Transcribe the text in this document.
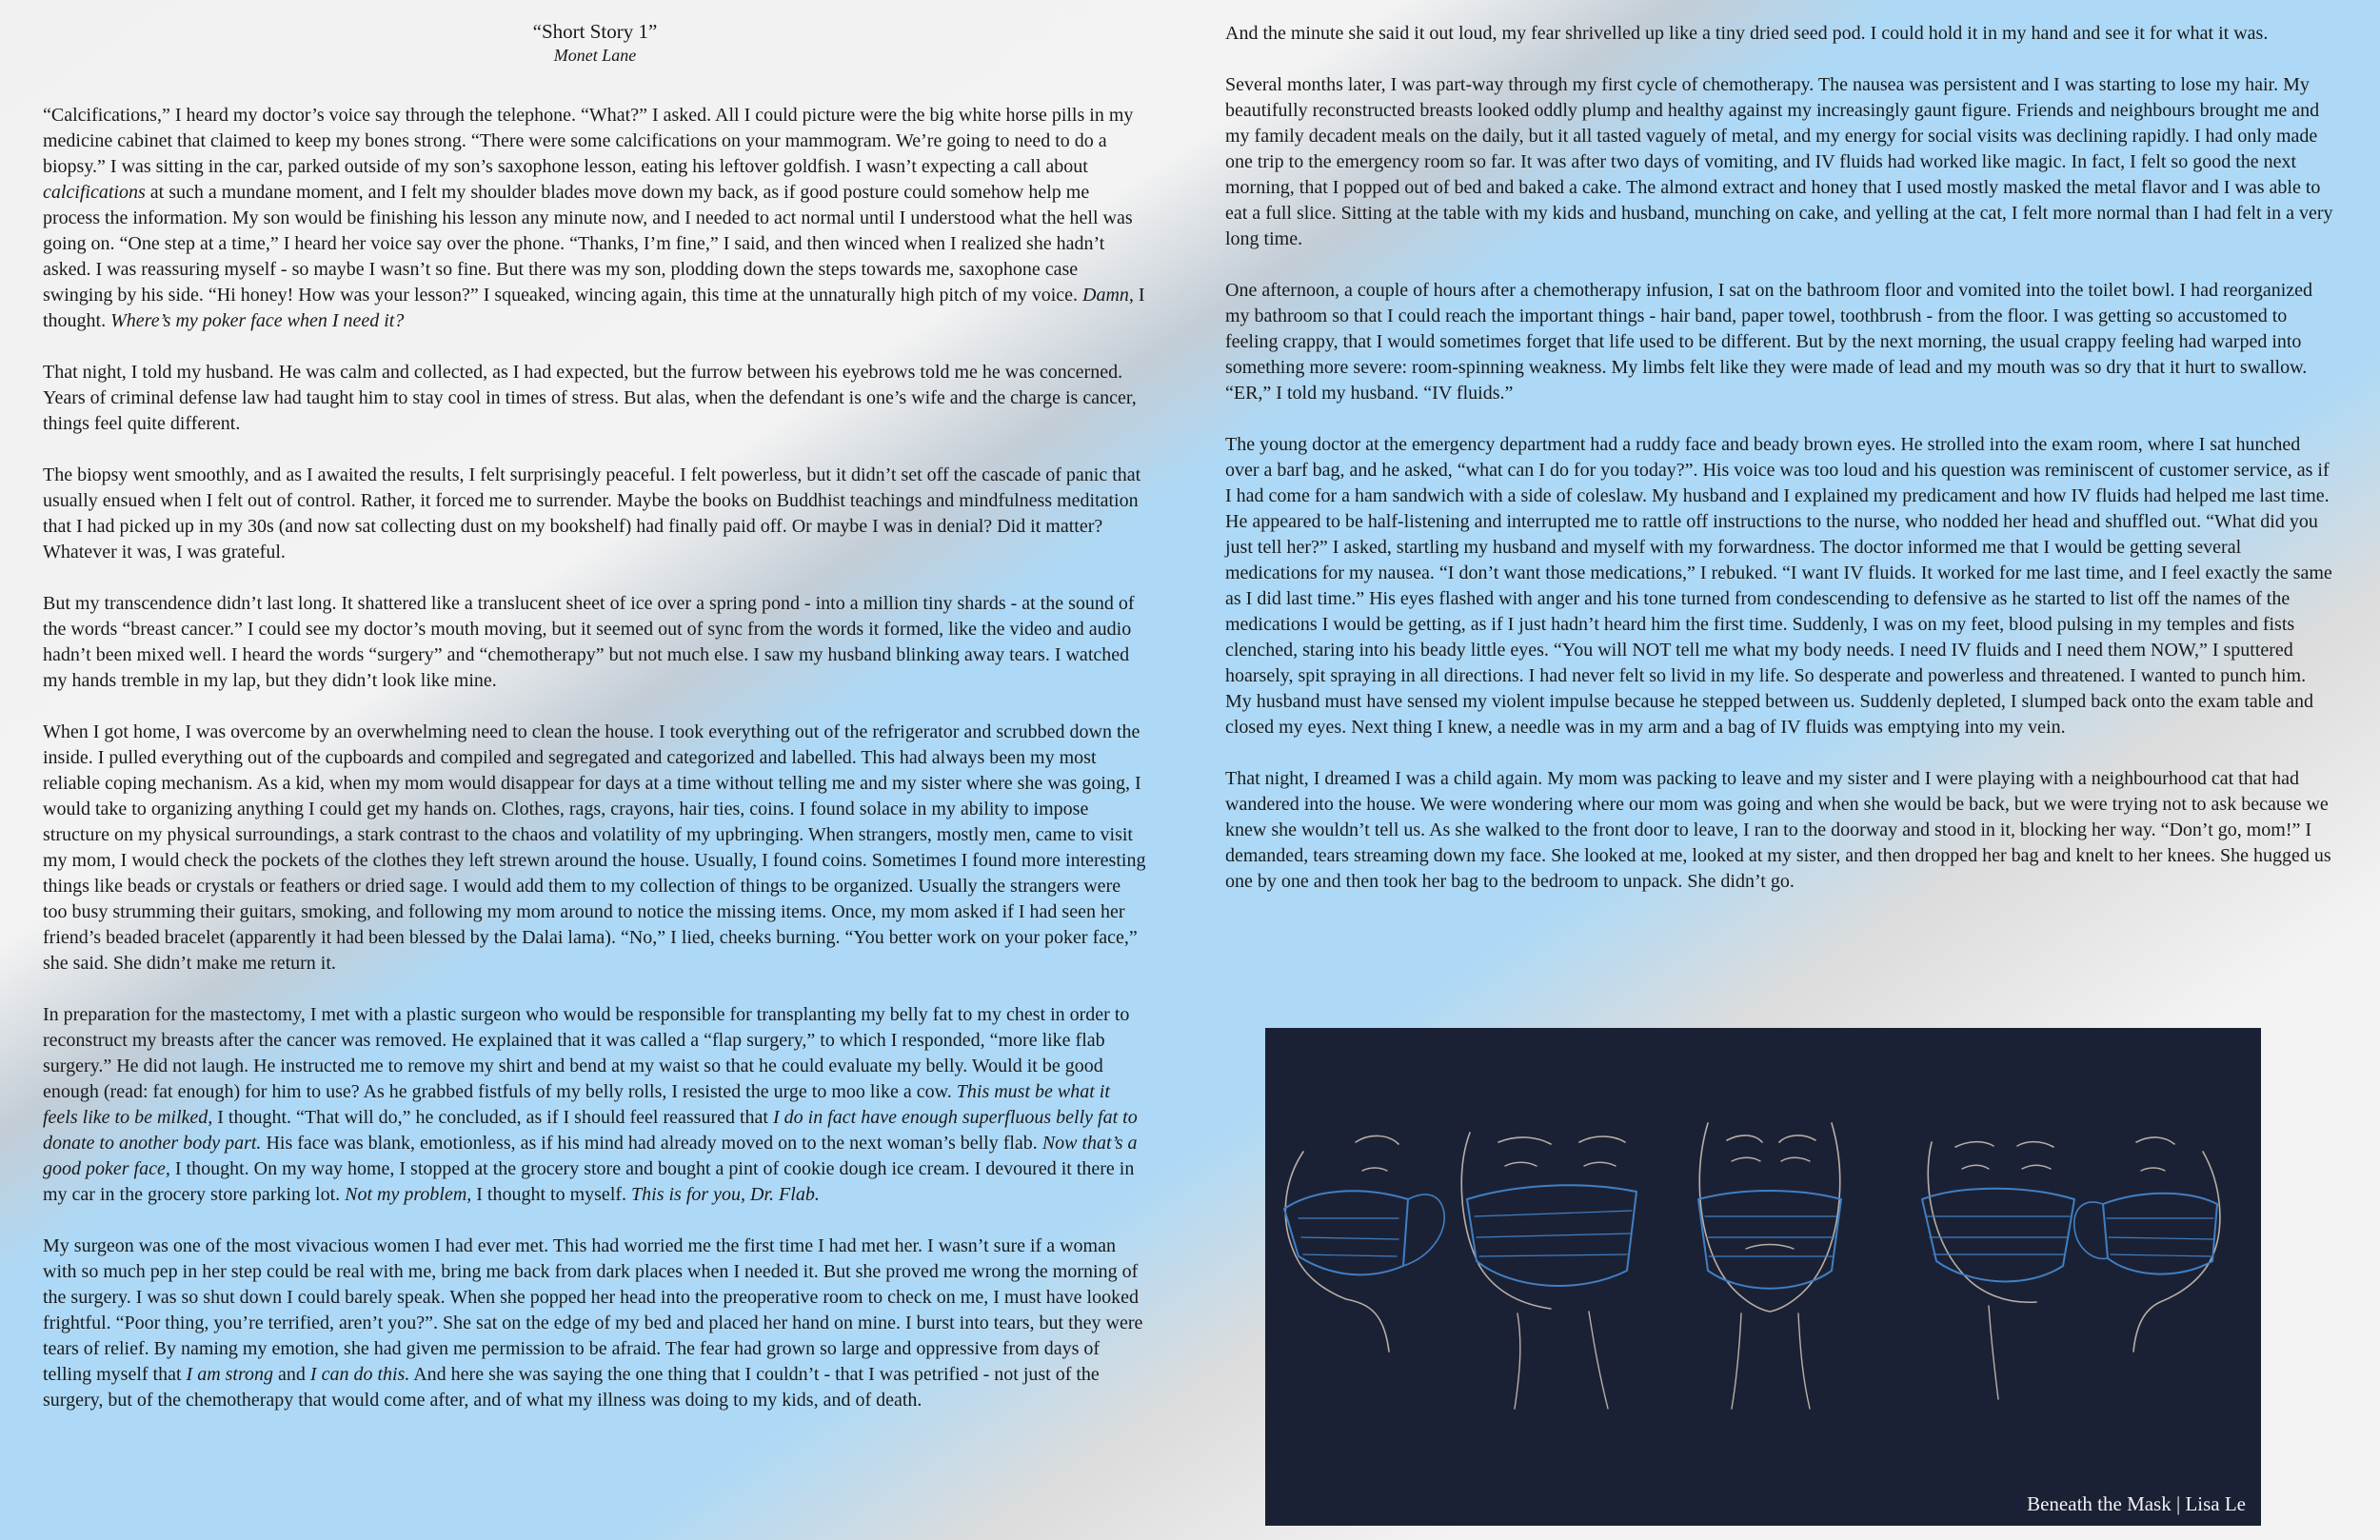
“Short Story 1”
Monet Lane

“Calcifications,” I heard my doctor’s voice say through the telephone. “What?” I asked. All I could picture were the big white horse pills in my medicine cabinet that claimed to keep my bones strong. “There were some calcifications on your mammogram. We’re going to need to do a biopsy.” I was sitting in the car, parked outside of my son’s saxophone lesson, eating his leftover goldfish. I wasn’t expecting a call about calcifications at such a mundane moment, and I felt my shoulder blades move down my back, as if good posture could somehow help me process the information. My son would be finishing his lesson any minute now, and I needed to act normal until I understood what the hell was going on. “One step at a time,” I heard her voice say over the phone. “Thanks, I’m fine,” I said, and then winced when I realized she hadn’t asked. I was reassuring myself - so maybe I wasn’t so fine. But there was my son, plodding down the steps towards me, saxophone case swinging by his side. “Hi honey! How was your lesson?” I squeaked, wincing again, this time at the unnaturally high pitch of my voice. Damn, I thought. Where’s my poker face when I need it?

That night, I told my husband. He was calm and collected, as I had expected, but the furrow between his eyebrows told me he was concerned. Years of criminal defense law had taught him to stay cool in times of stress. But alas, when the defendant is one’s wife and the charge is cancer, things feel quite different.

The biopsy went smoothly, and as I awaited the results, I felt surprisingly peaceful. I felt powerless, but it didn’t set off the cascade of panic that usually ensued when I felt out of control. Rather, it forced me to surrender. Maybe the books on Buddhist teachings and mindfulness meditation that I had picked up in my 30s (and now sat collecting dust on my bookshelf) had finally paid off. Or maybe I was in denial? Did it matter? Whatever it was, I was grateful.

But my transcendence didn’t last long. It shattered like a translucent sheet of ice over a spring pond - into a million tiny shards - at the sound of the words “breast cancer.” I could see my doctor’s mouth moving, but it seemed out of sync from the words it formed, like the video and audio hadn’t been mixed well. I heard the words “surgery” and “chemotherapy” but not much else. I saw my husband blinking away tears. I watched my hands tremble in my lap, but they didn’t look like mine.

When I got home, I was overcome by an overwhelming need to clean the house. I took everything out of the refrigerator and scrubbed down the inside. I pulled everything out of the cupboards and compiled and segregated and categorized and labelled. This had always been my most reliable coping mechanism. As a kid, when my mom would disappear for days at a time without telling me and my sister where she was going, I would take to organizing anything I could get my hands on. Clothes, rags, crayons, hair ties, coins. I found solace in my ability to impose structure on my physical surroundings, a stark contrast to the chaos and volatility of my upbringing. When strangers, mostly men, came to visit my mom, I would check the pockets of the clothes they left strewn around the house. Usually, I found coins. Sometimes I found more interesting things like beads or crystals or feathers or dried sage. I would add them to my collection of things to be organized. Usually the strangers were too busy strumming their guitars, smoking, and following my mom around to notice the missing items. Once, my mom asked if I had seen her friend’s beaded bracelet (apparently it had been blessed by the Dalai lama). “No,” I lied, cheeks burning. “You better work on your poker face,” she said. She didn’t make me return it.

In preparation for the mastectomy, I met with a plastic surgeon who would be responsible for transplanting my belly fat to my chest in order to reconstruct my breasts after the cancer was removed. He explained that it was called a “flap surgery,” to which I responded, “more like flab surgery.” He did not laugh. He instructed me to remove my shirt and bend at my waist so that he could evaluate my belly. Would it be good enough (read: fat enough) for him to use? As he grabbed fistfuls of my belly rolls, I resisted the urge to moo like a cow. This must be what it feels like to be milked, I thought. “That will do,” he concluded, as if I should feel reassured that I do in fact have enough superfluous belly fat to donate to another body part. His face was blank, emotionless, as if his mind had already moved on to the next woman’s belly flab. Now that’s a good poker face, I thought. On my way home, I stopped at the grocery store and bought a pint of cookie dough ice cream. I devoured it there in my car in the grocery store parking lot. Not my problem, I thought to myself. This is for you, Dr. Flab.

My surgeon was one of the most vivacious women I had ever met. This had worried me the first time I had met her. I wasn’t sure if a woman with so much pep in her step could be real with me, bring me back from dark places when I needed it. But she proved me wrong the morning of the surgery. I was so shut down I could barely speak. When she popped her head into the preoperative room to check on me, I must have looked frightful. “Poor thing, you’re terrified, aren’t you?”. She sat on the edge of my bed and placed her hand on mine. I burst into tears, but they were tears of relief. By naming my emotion, she had given me permission to be afraid. The fear had grown so large and oppressive from days of telling myself that I am strong and I can do this. And here she was saying the one thing that I couldn’t - that I was petrified - not just of the surgery, but of the chemotherapy that would come after, and of what my illness was doing to my kids, and of death.

And the minute she said it out loud, my fear shrivelled up like a tiny dried seed pod. I could hold it in my hand and see it for what it was.

Several months later, I was part-way through my first cycle of chemotherapy. The nausea was persistent and I was starting to lose my hair. My beautifully reconstructed breasts looked oddly plump and healthy against my increasingly gaunt figure. Friends and neighbours brought me and my family decadent meals on the daily, but it all tasted vaguely of metal, and my energy for social visits was declining rapidly. I had only made one trip to the emergency room so far. It was after two days of vomiting, and IV fluids had worked like magic. In fact, I felt so good the next morning, that I popped out of bed and baked a cake. The almond extract and honey that I used mostly masked the metal flavor and I was able to eat a full slice. Sitting at the table with my kids and husband, munching on cake, and yelling at the cat, I felt more normal than I had felt in a very long time.

One afternoon, a couple of hours after a chemotherapy infusion, I sat on the bathroom floor and vomited into the toilet bowl. I had reorganized my bathroom so that I could reach the important things - hair band, paper towel, toothbrush - from the floor. I was getting so accustomed to feeling crappy, that I would sometimes forget that life used to be different. But by the next morning, the usual crappy feeling had warped into something more severe: room-spinning weakness. My limbs felt like they were made of lead and my mouth was so dry that it hurt to swallow. “ER,” I told my husband. “IV fluids.”

The young doctor at the emergency department had a ruddy face and beady brown eyes. He strolled into the exam room, where I sat hunched over a barf bag, and he asked, “what can I do for you today?”. His voice was too loud and his question was reminiscent of customer service, as if I had come for a ham sandwich with a side of coleslaw. My husband and I explained my predicament and how IV fluids had helped me last time. He appeared to be half-listening and interrupted me to rattle off instructions to the nurse, who nodded her head and shuffled out. “What did you just tell her?” I asked, startling my husband and myself with my forwardness. The doctor informed me that I would be getting several medications for my nausea. “I don’t want those medications,” I rebuked. “I want IV fluids. It worked for me last time, and I feel exactly the same as I did last time.” His eyes flashed with anger and his tone turned from condescending to defensive as he started to list off the names of the medications I would be getting, as if I just hadn’t heard him the first time. Suddenly, I was on my feet, blood pulsing in my temples and fists clenched, staring into his beady little eyes. “You will NOT tell me what my body needs. I need IV fluids and I need them NOW,” I sputtered hoarsely, spit spraying in all directions. I had never felt so livid in my life. So desperate and powerless and threatened. I wanted to punch him. My husband must have sensed my violent impulse because he stepped between us. Suddenly depleted, I slumped back onto the exam table and closed my eyes. Next thing I knew, a needle was in my arm and a bag of IV fluids was emptying into my vein.

That night, I dreamed I was a child again. My mom was packing to leave and my sister and I were playing with a neighbourhood cat that had wandered into the house. We were wondering where our mom was going and when she would be back, but we were trying not to ask because we knew she wouldn’t tell us. As she walked to the front door to leave, I ran to the doorway and stood in it, blocking her way. “Don’t go, mom!” I demanded, tears streaming down my face. She looked at me, looked at my sister, and then dropped her bag and knelt to her knees. She hugged us one by one and then took her bag to the bedroom to unpack. She didn’t go.

Beneath the Mask | Lisa Le
